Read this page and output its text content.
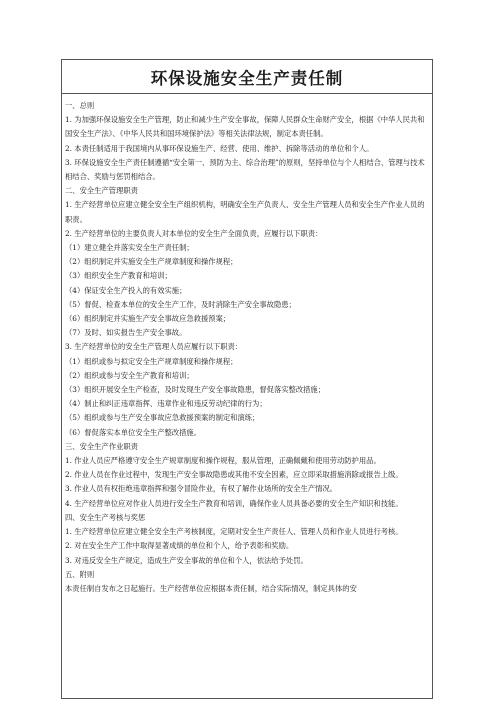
环保设施安全生产责任制

一、总则

1. 为加强环保设施安全生产管理，防止和减少生产安全事故，保障人民群众生命财产安全，根据《中华人民共和国安全生产法》、《中华人民共和国环境保护法》等相关法律法规，制定本责任制。

2. 本责任制适用于我国境内从事环保设施生产、经营、使用、维护、拆除等活动的单位和个人。

3. 环保设施安全生产责任制遵循“安全第一、预防为主、综合治理”的原则，坚持单位与个人相结合、管理与技术相结合、奖励与惩罚相结合。

二、安全生产管理职责

1. 生产经营单位应建立健全安全生产组织机构，明确安全生产负责人、安全生产管理人员和安全生产作业人员的职责。

2. 生产经营单位的主要负责人对本单位的安全生产全面负责，应履行以下职责：

（1）建立健全并落实安全生产责任制；

（2）组织制定并实施安全生产规章制度和操作规程；

（3）组织安全生产教育和培训；

（4）保证安全生产投入的有效实施；

（5）督促、检查本单位的安全生产工作，及时消除生产安全事故隐患；

（6）组织制定并实施生产安全事故应急救援预案；

（7）及时、如实报告生产安全事故。

3. 生产经营单位的安全生产管理人员应履行以下职责：

（1）组织或参与拟定安全生产规章制度和操作规程；

（2）组织或参与安全生产教育和培训；

（3）组织开展安全生产检查，及时发现生产安全事故隐患，督促落实整改措施；

（4）制止和纠正违章指挥、违章作业和违反劳动纪律的行为；

（5）组织或参与生产安全事故应急救援预案的制定和演练；

（6）督促落实本单位安全生产整改措施。

三、安全生产作业职责

1. 作业人员应严格遵守安全生产规章制度和操作规程，服从管理，正确佩戴和使用劳动防护用品。

2. 作业人员在作业过程中，发现生产安全事故隐患或其他不安全因素，应立即采取措施消除或报告上级。

3. 作业人员有权拒绝违章指挥和强令冒险作业，有权了解作业场所的安全生产情况。

4. 生产经营单位应对作业人员进行安全生产教育和培训，确保作业人员具备必要的安全生产知识和技能。

四、安全生产考核与奖惩

1. 生产经营单位应建立健全安全生产考核制度，定期对安全生产责任人、管理人员和作业人员进行考核。

2. 对在安全生产工作中取得显著成绩的单位和个人，给予表彰和奖励。

3. 对违反安全生产规定，造成生产安全事故的单位和个人，依法给予处罚。

五、附则

本责任制自发布之日起施行。生产经营单位应根据本责任制，结合实际情况，制定具体的安
